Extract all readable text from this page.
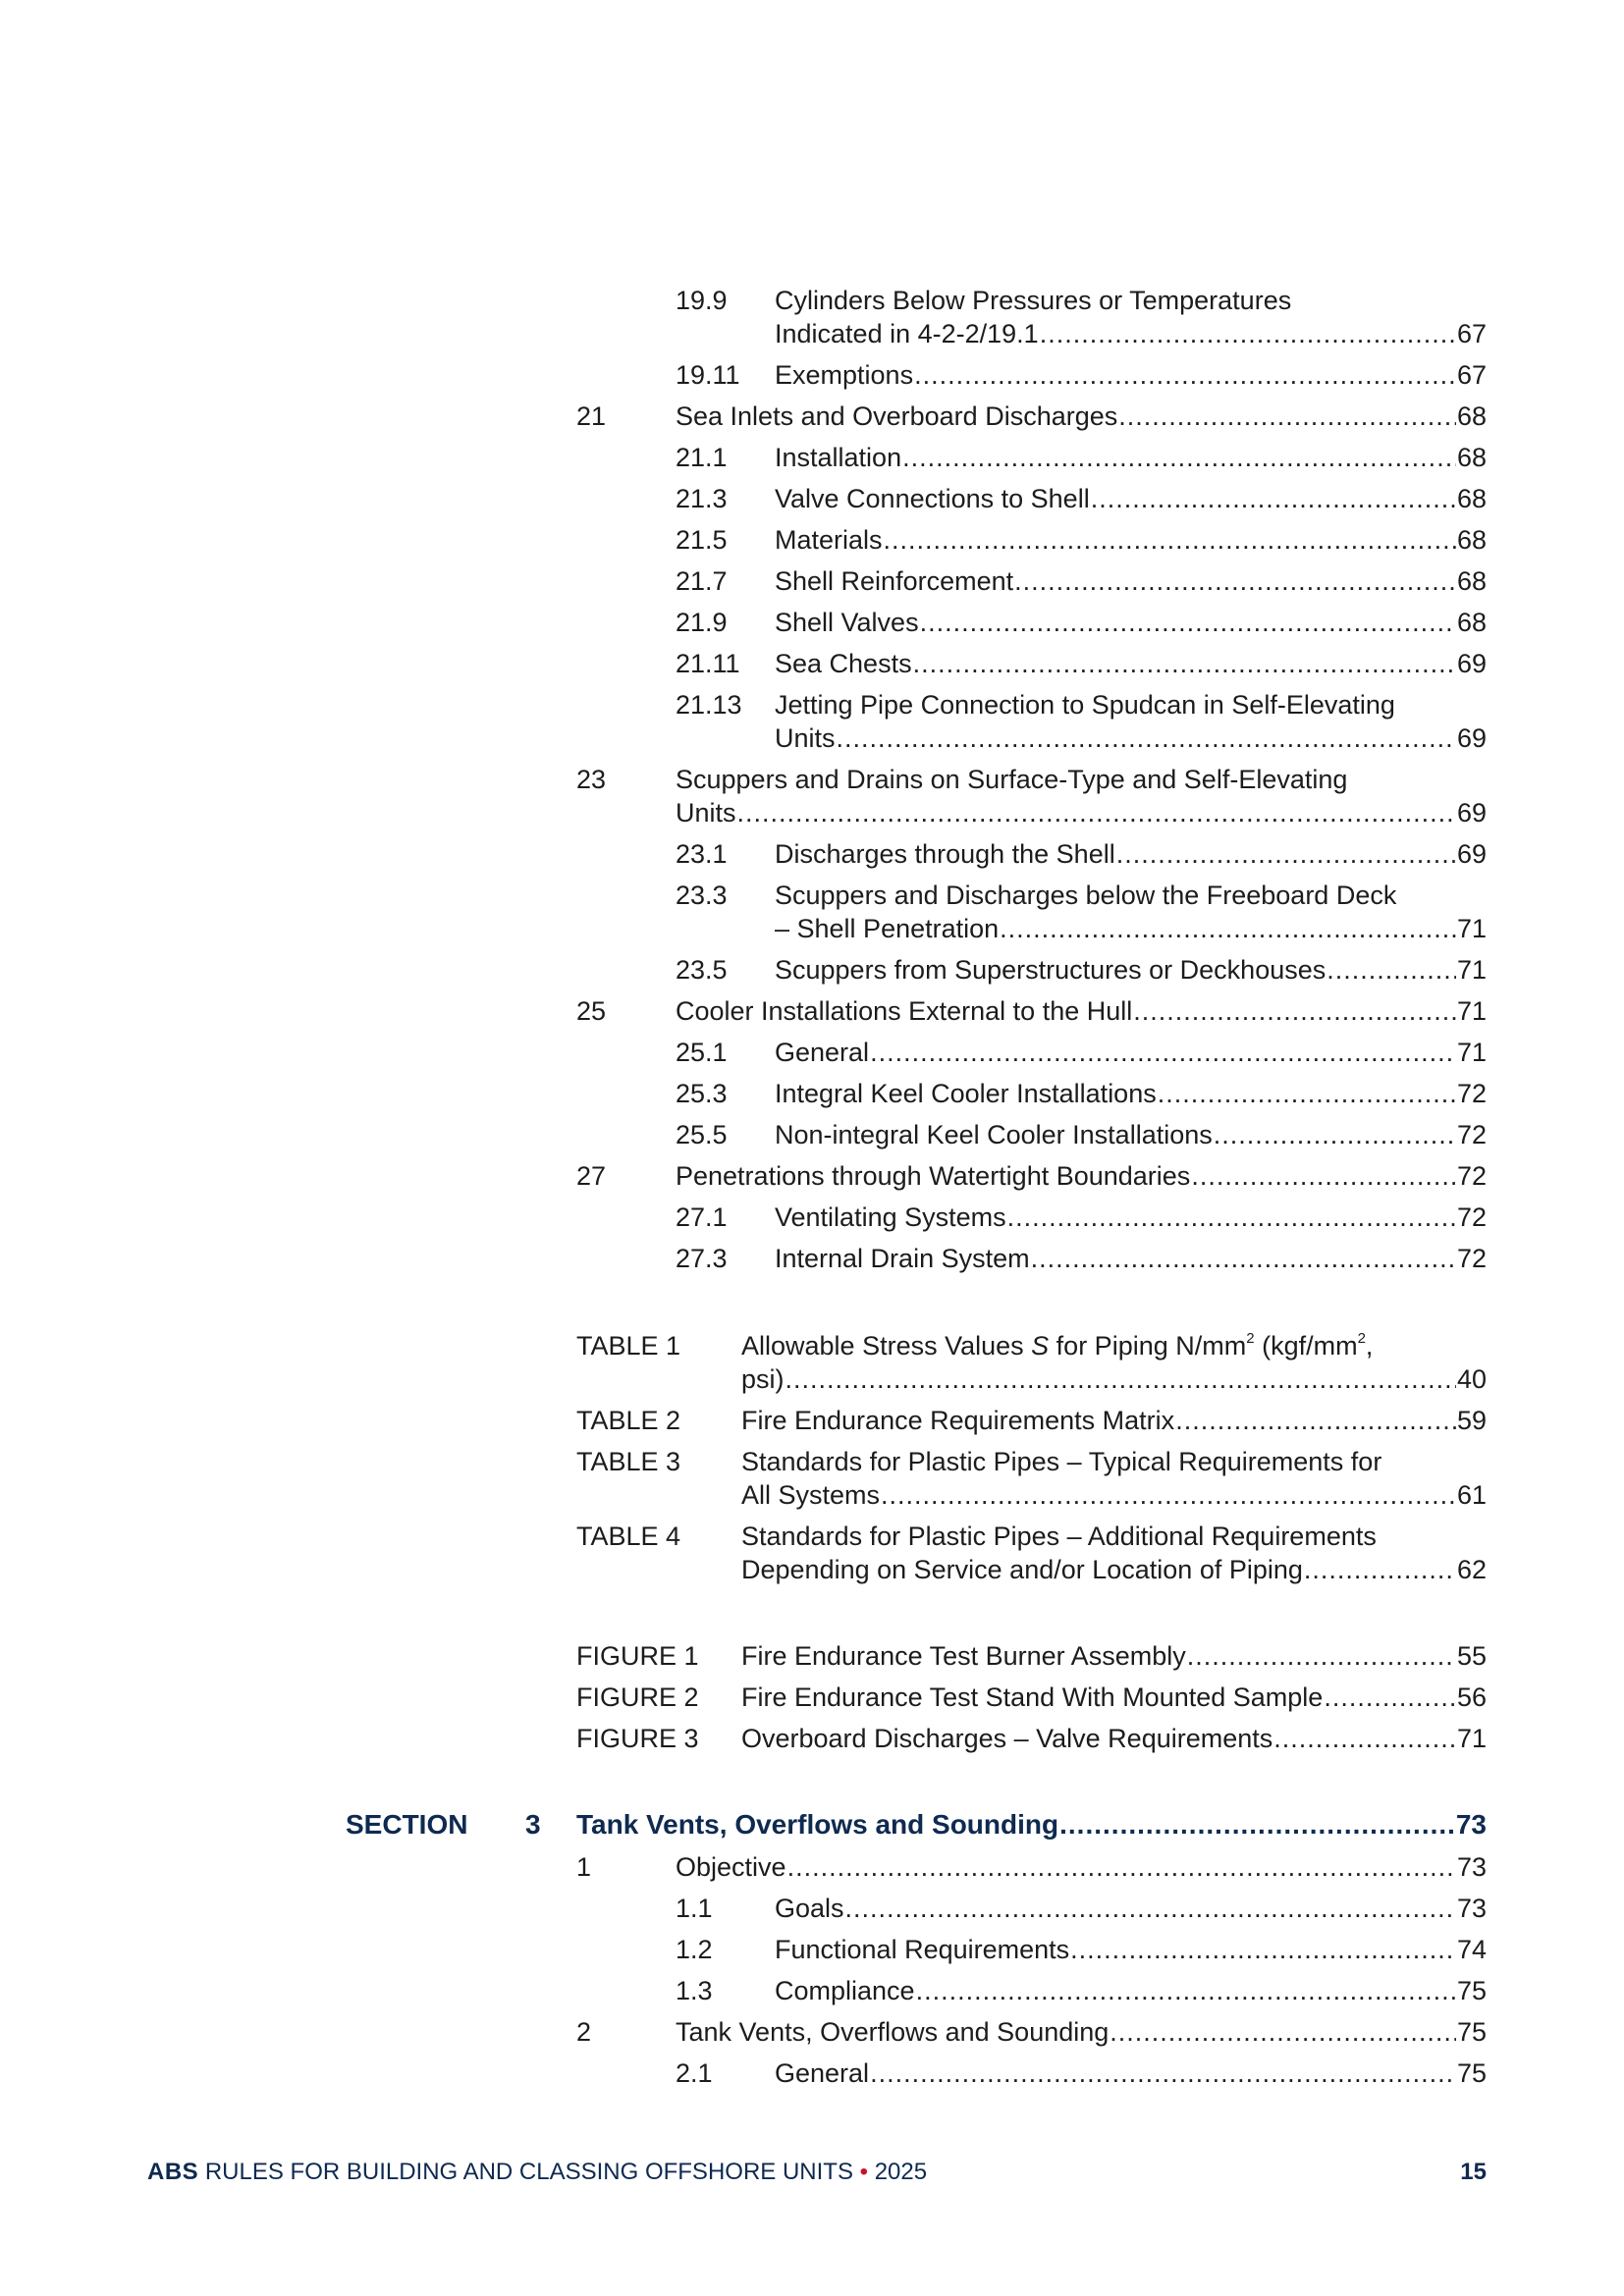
19.9 Cylinders Below Pressures or Temperatures
Indicated in 4-2-2/19.1 .....	67
19.11 Exemptions .....	67
21	Sea Inlets and Overboard Discharges .....	68
21.1 Installation .....	68
21.3 Valve Connections to Shell .....	68
21.5 Materials .....	68
21.7 Shell Reinforcement .....	68
21.9 Shell Valves .....	68
21.11 Sea Chests .....	69
21.13 Jetting Pipe Connection to Spudcan in Self-Elevating
Units .....	69
23	Scuppers and Drains on Surface-Type and Self-Elevating
Units .....	69
23.1 Discharges through the Shell .....	69
23.3 Scuppers and Discharges below the Freeboard Deck
– Shell Penetration .....	71
23.5 Scuppers from Superstructures or Deckhouses .....	71
25	Cooler Installations External to the Hull .....	71
25.1 General .....	71
25.3 Integral Keel Cooler Installations .....	72
25.5 Non-integral Keel Cooler Installations .....	72
27	Penetrations through Watertight Boundaries .....	72
27.1 Ventilating Systems .....	72
27.3 Internal Drain System .....	72
TABLE 1 Allowable Stress Values S for Piping $N/mm^2$ ($kgf/mm^2$,
psi) .....	40
TABLE 2 Fire Endurance Requirements Matrix .....	59
TABLE 3 Standards for Plastic Pipes – Typical Requirements for
All Systems .....	61
TABLE 4 Standards for Plastic Pipes – Additional Requirements
Depending on Service and/or Location of Piping .....	62
FIGURE 1 Fire Endurance Test Burner Assembly .....	55
FIGURE 2 Fire Endurance Test Stand With Mounted Sample .....	56
FIGURE 3 Overboard Discharges – Valve Requirements .....	71
SECTION 3 Tank Vents, Overflows and Sounding .....	73
1	Objective .....	73
1.1 Goals .....	73
1.2 Functional Requirements .....	74
1.3 Compliance .....	75
2	Tank Vents, Overflows and Sounding .....	75
2.1 General .....	75
ABS RULES FOR BUILDING AND CLASSING OFFSHORE UNITS • 2025	15
